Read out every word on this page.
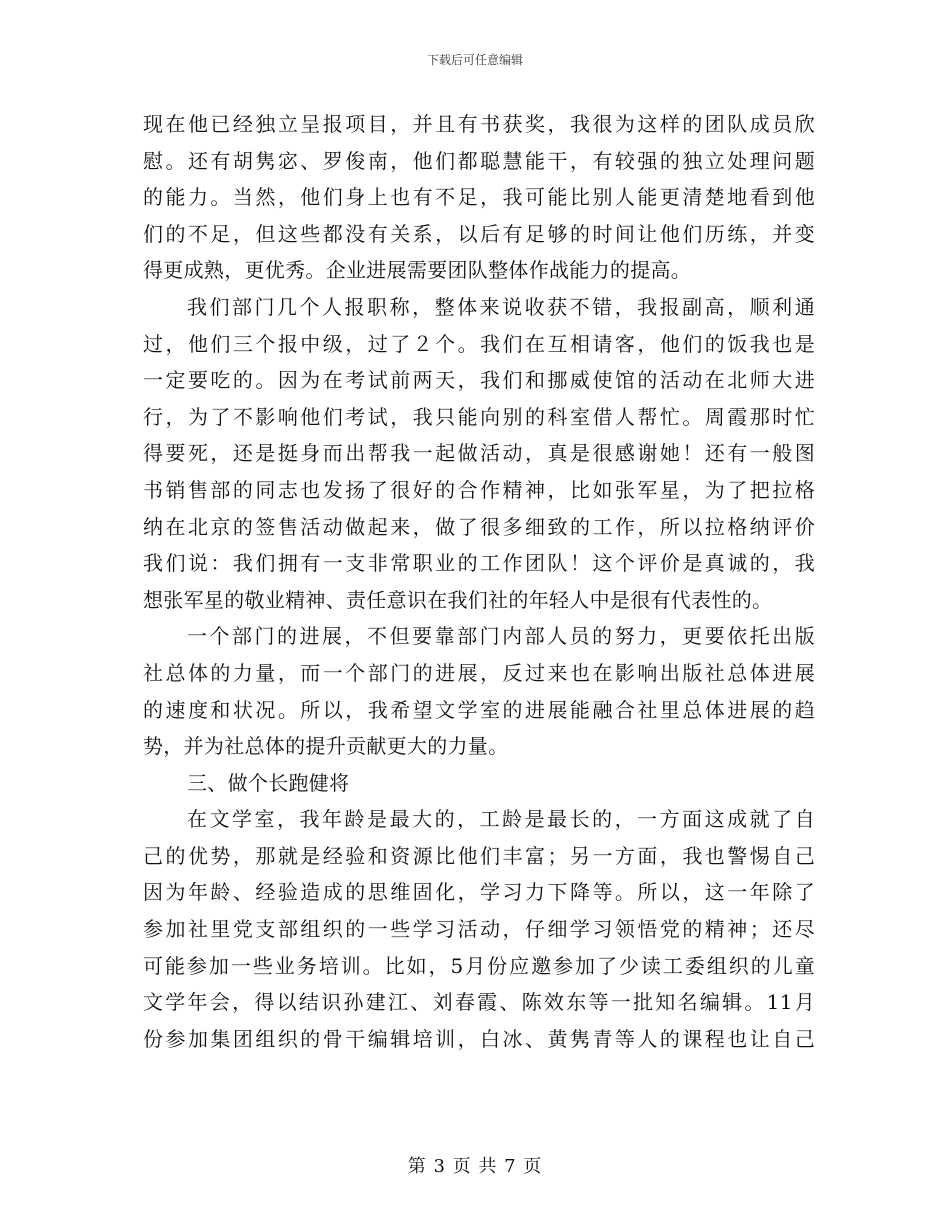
下载后可任意编辑
现在他已经独立呈报项目，并且有书获奖，我很为这样的团队成员欣
慰。还有胡隽宓、罗俊南，他们都聪慧能干，有较强的独立处理问题
的能力。当然，他们身上也有不足，我可能比别人能更清楚地看到他
们的不足，但这些都没有关系，以后有足够的时间让他们历练，并变
得更成熟，更优秀。企业进展需要团队整体作战能力的提高。
我们部门几个人报职称，整体来说收获不错，我报副高，顺利通
过，他们三个报中级，过了２个。我们在互相请客，他们的饭我也是
一定要吃的。因为在考试前两天，我们和挪威使馆的活动在北师大进
行，为了不影响他们考试，我只能向别的科室借人帮忙。周霞那时忙
得要死，还是挺身而出帮我一起做活动，真是很感谢她！还有一般图
书销售部的同志也发扬了很好的合作精神，比如张军星，为了把拉格
纳在北京的签售活动做起来，做了很多细致的工作，所以拉格纳评价
我们说：我们拥有一支非常职业的工作团队！这个评价是真诚的，我
想张军星的敬业精神、责任意识在我们社的年轻人中是很有代表性的。
一个部门的进展，不但要靠部门内部人员的努力，更要依托出版
社总体的力量，而一个部门的进展，反过来也在影响出版社总体进展
的速度和状况。所以，我希望文学室的进展能融合社里总体进展的趋
势，并为社总体的提升贡献更大的力量。
三、做个长跑健将
在文学室，我年龄是最大的，工龄是最长的，一方面这成就了自
己的优势，那就是经验和资源比他们丰富；另一方面，我也警惕自己
因为年龄、经验造成的思维固化，学习力下降等。所以，这一年除了
参加社里党支部组织的一些学习活动，仔细学习领悟党的精神；还尽
可能参加一些业务培训。比如，5月份应邀参加了少读工委组织的儿童
文学年会，得以结识孙建江、刘春霞、陈效东等一批知名编辑。11月
份参加集团组织的骨干编辑培训，白冰、黄隽青等人的课程也让自己
第 3 页 共 7 页
